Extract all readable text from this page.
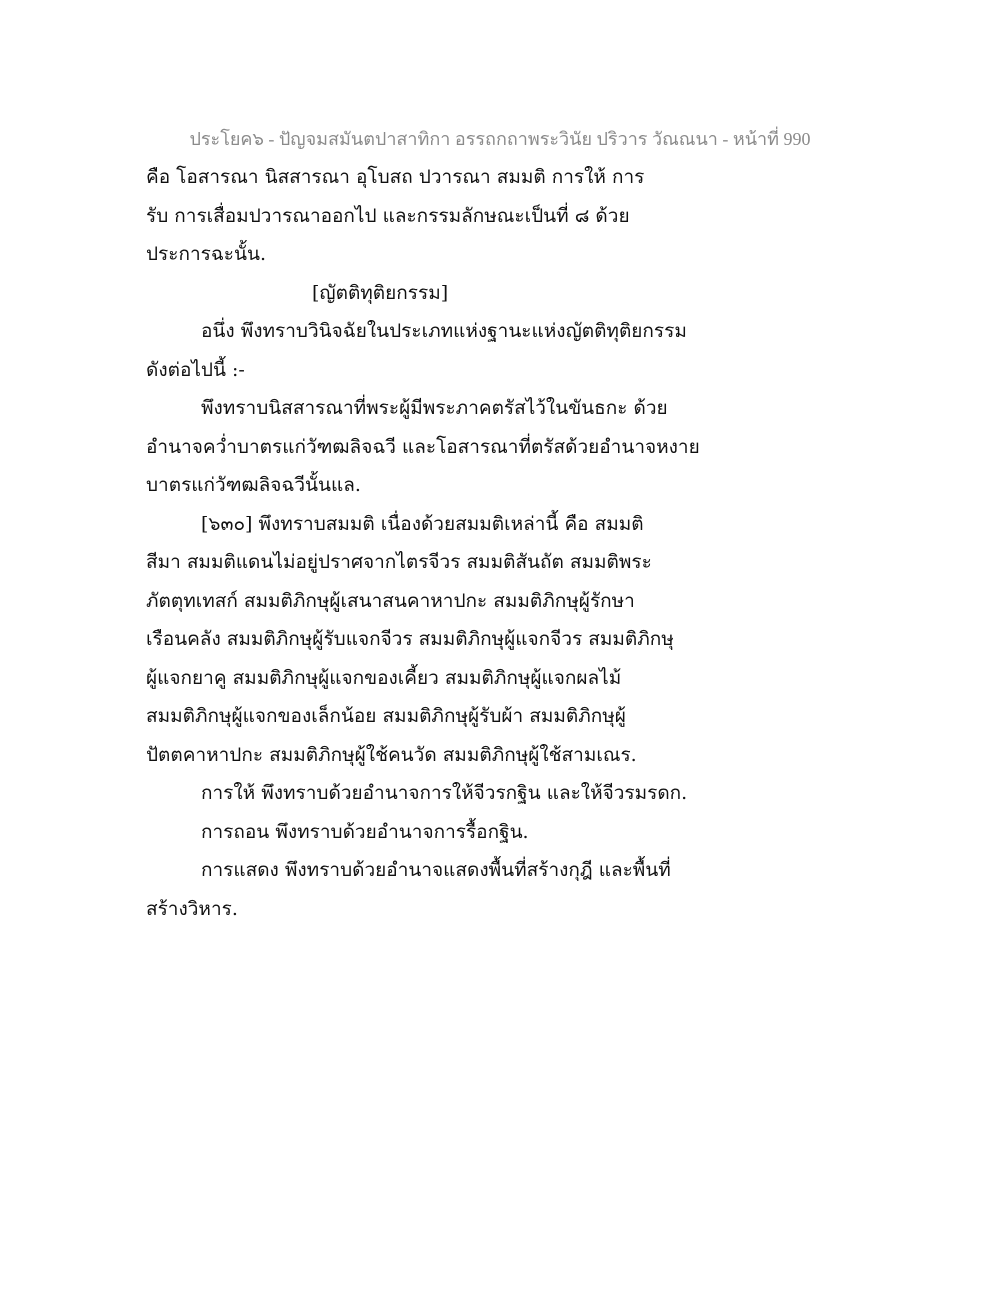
ประโยค๖ - ปัญจมสมันตปาสาทิกา อรรถกถาพระวินัย ปริวาร วัณณนา - หน้าที่ 990
คือ โอสารณา นิสสารณา อุโบสถ ปวารณา สมมติ การให้ การ
รับ การเสื่อมปวารณาออกไป และกรรมลักษณะเป็นที่ ๘ ด้วย
ประการฉะนั้น.
[ญัตติทุติยกรรม]
อนึ่ง พึงทราบวินิจฉัยในประเภทแห่งฐานะแห่งญัตติทุติยกรรม
ดังต่อไปนี้ :-
พึงทราบนิสสารณาที่พระผู้มีพระภาคตรัสไว้ในขันธกะ ด้วย
อำนาจคว่ำบาตรแก่วัฑฒลิจฉวี และโอสารณาที่ตรัสด้วยอำนาจหงาย
บาตรแก่วัฑฒลิจฉวีนั้นแล.
[๖๓๐] พึงทราบสมมติ เนื่องด้วยสมมติเหล่านี้ คือ สมมติ
สีมา สมมติแดนไม่อยู่ปราศจากไตรจีวร สมมติสันถัต สมมติพระ
ภัตตุทเทสก์ สมมติภิกษุผู้เสนาสนคาหาปกะ สมมติภิกษุผู้รักษา
เรือนคลัง สมมติภิกษุผู้รับแจกจีวร สมมติภิกษุผู้แจกจีวร สมมติภิกษุ
ผู้แจกยาคู สมมติภิกษุผู้แจกของเคี้ยว สมมติภิกษุผู้แจกผลไม้
สมมติภิกษุผู้แจกของเล็กน้อย สมมติภิกษุผู้รับผ้า สมมติภิกษุผู้
ปัตตคาหาปกะ สมมติภิกษุผู้ใช้คนวัด สมมติภิกษุผู้ใช้สามเณร.
การให้ พึงทราบด้วยอำนาจการให้จีวรกฐิน และให้จีวรมรดก.
การถอน พึงทราบด้วยอำนาจการรื้อกฐิน.
การแสดง พึงทราบด้วยอำนาจแสดงพื้นที่สร้างกุฎี และพื้นที่
สร้างวิหาร.
